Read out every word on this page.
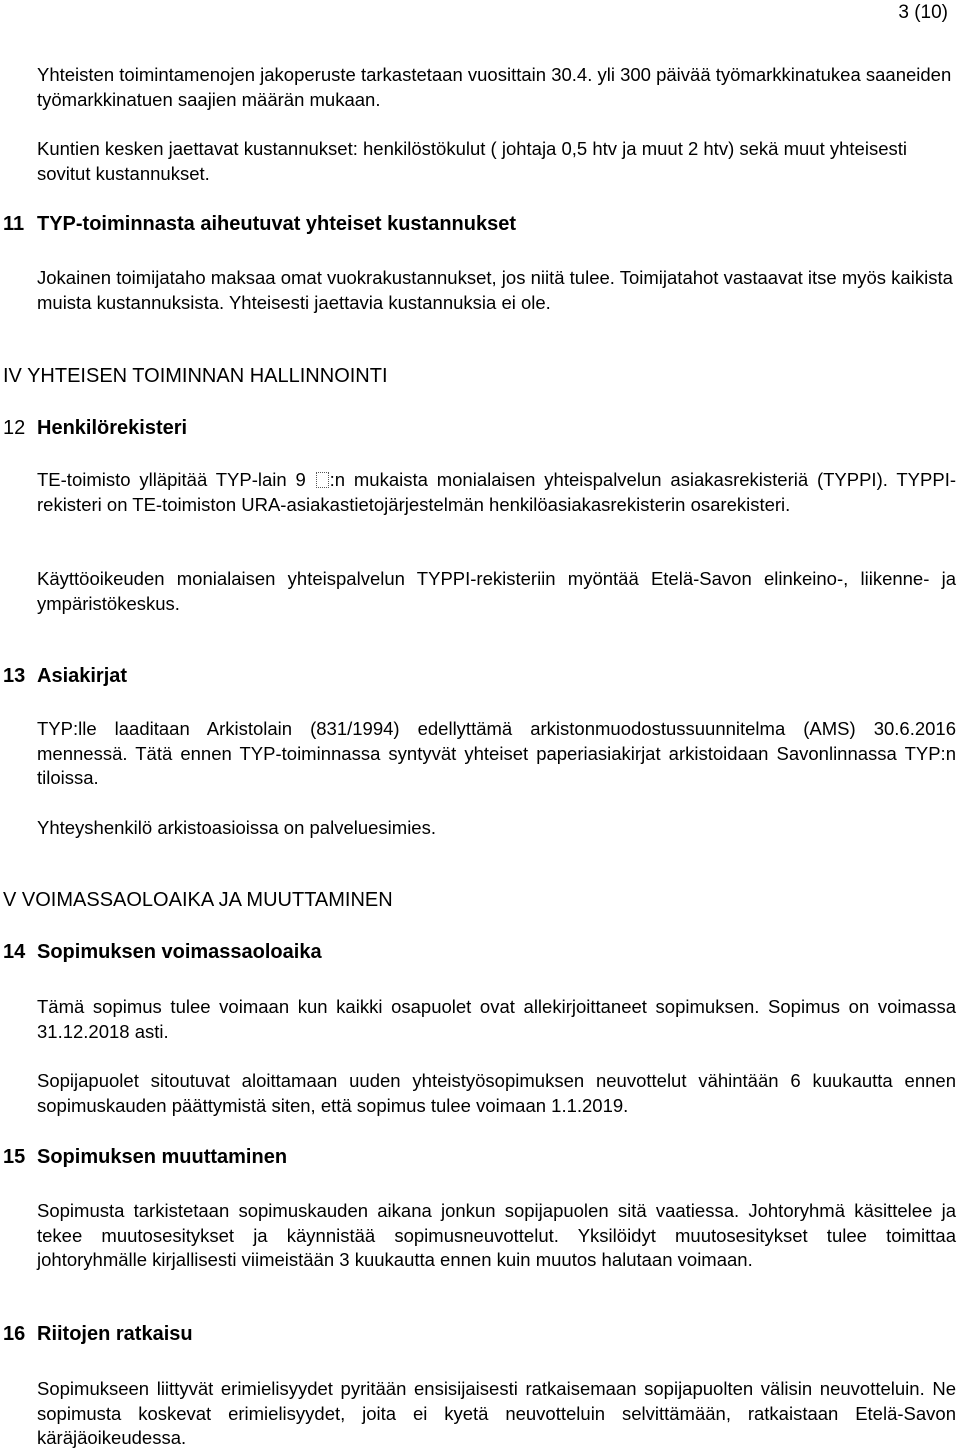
3 (10)
Yhteisten toimintamenojen jakoperuste tarkastetaan vuosittain 30.4. yli 300 päivää työmarkkinatukea saaneiden työmarkkinatuen saajien määrän mukaan.
Kuntien kesken jaettavat kustannukset: henkilöstökulut ( johtaja 0,5 htv ja muut 2 htv) sekä muut yhteisesti sovitut kustannukset.
11 TYP-toiminnasta aiheutuvat yhteiset kustannukset
Jokainen toimijataho maksaa omat vuokrakustannukset, jos niitä tulee. Toimijatahot vastaavat itse myös kaikista muista kustannuksista. Yhteisesti jaettavia kustannuksia ei ole.
IV YHTEISEN TOIMINNAN HALLINNOINTI
12 Henkilörekisteri
TE-toimisto ylläpitää TYP-lain 9 :n mukaista monialaisen yhteispalvelun asiakasrekisteriä (TYPPI). TYPPI-rekisteri on TE-toimiston URA-asiakastietojärjestelmän henkilöasiakasrekisterin osarekisteri.
Käyttöoikeuden monialaisen yhteispalvelun TYPPI-rekisteriin myöntää Etelä-Savon elinkeino-, liikenne- ja ympäristökeskus.
13 Asiakirjat
TYP:lle laaditaan Arkistolain (831/1994) edellyttämä arkistonmuodostussuunnitelma (AMS) 30.6.2016 mennessä. Tätä ennen TYP-toiminnassa syntyvät yhteiset paperiasiakirjat arkistoidaan Savonlinnassa TYP:n tiloissa.
Yhteyshenkilö arkistoasioissa on palveluesimies.
V VOIMASSAOLOAIKA JA MUUTTAMINEN
14 Sopimuksen voimassaoloaika
Tämä sopimus tulee voimaan kun kaikki osapuolet ovat allekirjoittaneet sopimuksen. Sopimus on voimassa 31.12.2018 asti.
Sopijapuolet sitoutuvat aloittamaan uuden yhteistyösopimuksen neuvottelut vähintään 6 kuukautta ennen sopimuskauden päättymistä siten, että sopimus tulee voimaan 1.1.2019.
15 Sopimuksen muuttaminen
Sopimusta tarkistetaan sopimuskauden aikana jonkun sopijapuolen sitä vaatiessa. Johtoryhmä käsittelee ja tekee muutosesitykset ja käynnistää sopimusneuvottelut. Yksilöidyt muutosesitykset tulee toimittaa johtoryhmälle kirjallisesti viimeistään 3 kuukautta ennen kuin muutos halutaan voimaan.
16 Riitojen ratkaisu
Sopimukseen liittyvät erimielisyydet pyritään ensisijaisesti ratkaisemaan sopijapuolten välisin neuvotteluin. Ne sopimusta koskevat erimielisyydet, joita ei kyetä neuvotteluin selvittämään, ratkaistaan Etelä-Savon käräjäoikeudessa.
